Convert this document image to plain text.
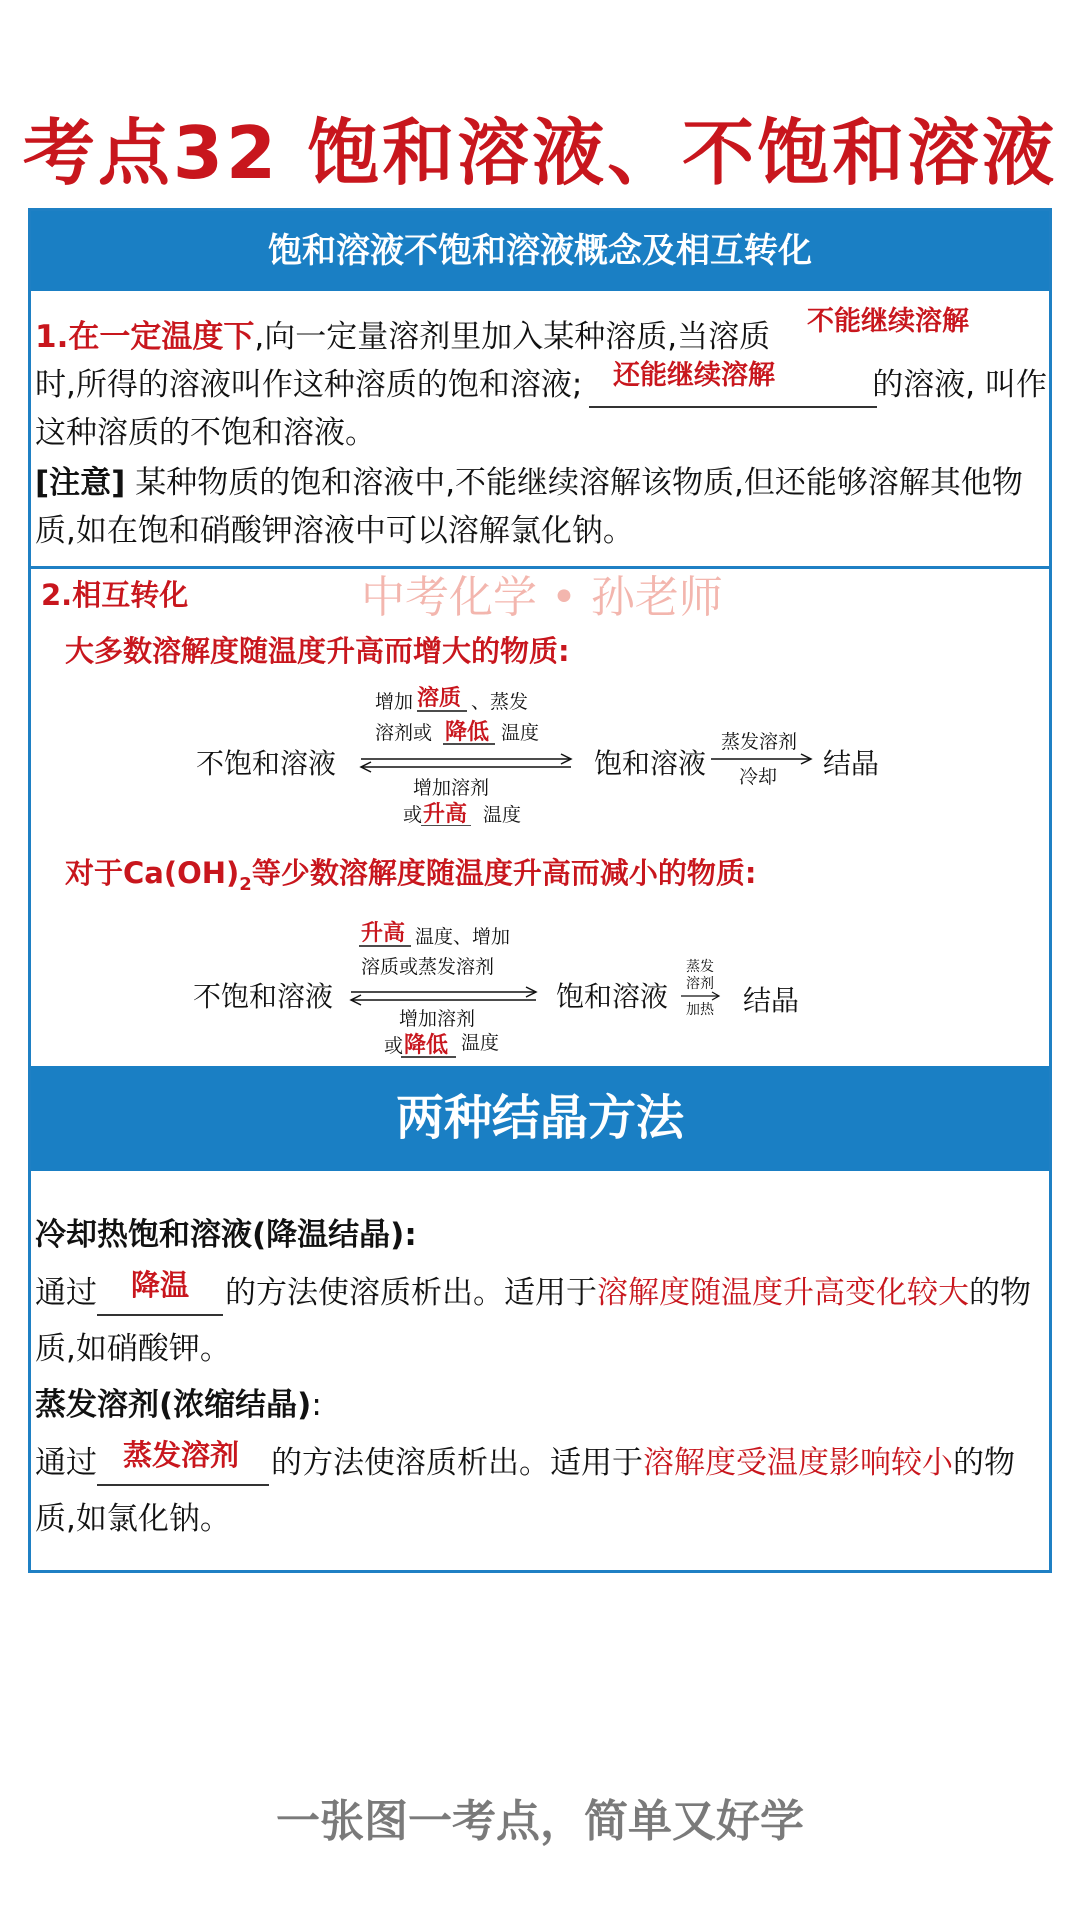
考点32 饱和溶液、不饱和溶液
饱和溶液不饱和溶液概念及相互转化
1.在一定温度下,向一定量溶剂里加入某种溶质,当溶质 不能继续溶解
时,所得的溶液叫作这种溶质的饱和溶液;	的溶液, 叫作
还能继续溶解
这种溶质的不饱和溶液。
[注意] 某种物质的饱和溶液中,不能继续溶解该物质,但还能够溶解其他物
质,如在饱和硝酸钾溶液中可以溶解氯化钠。
2.相互转化	中考化学 • 孙老师
大多数溶解度随温度升高而增大的物质:
不饱和溶液
增加 溶质 、蒸发
溶剂或 降低 温度
增加溶剂
或 升高 温度
饱和溶液
蒸发溶剂
冷却 结晶
对于$Ca(OH)_2$等少数溶解度随温度升高而减小的物质:
不饱和溶液
升高 温度、增加
溶质或蒸发溶剂
增加溶剂
或 降低 温度
饱和溶液
蒸发
溶剂
加热 结晶
两种结晶方法
冷却热饱和溶液(降温结晶):
通过	的方法使溶质析出。适用于溶解度随温度升高变化较大的物
降温
质,如硝酸钾。
蒸发溶剂(浓缩结晶):
通过	的方法使溶质析出。适用于溶解度受温度影响较小的物
蒸发溶剂
质,如氯化钠。
一张图一考点，简单又好学
